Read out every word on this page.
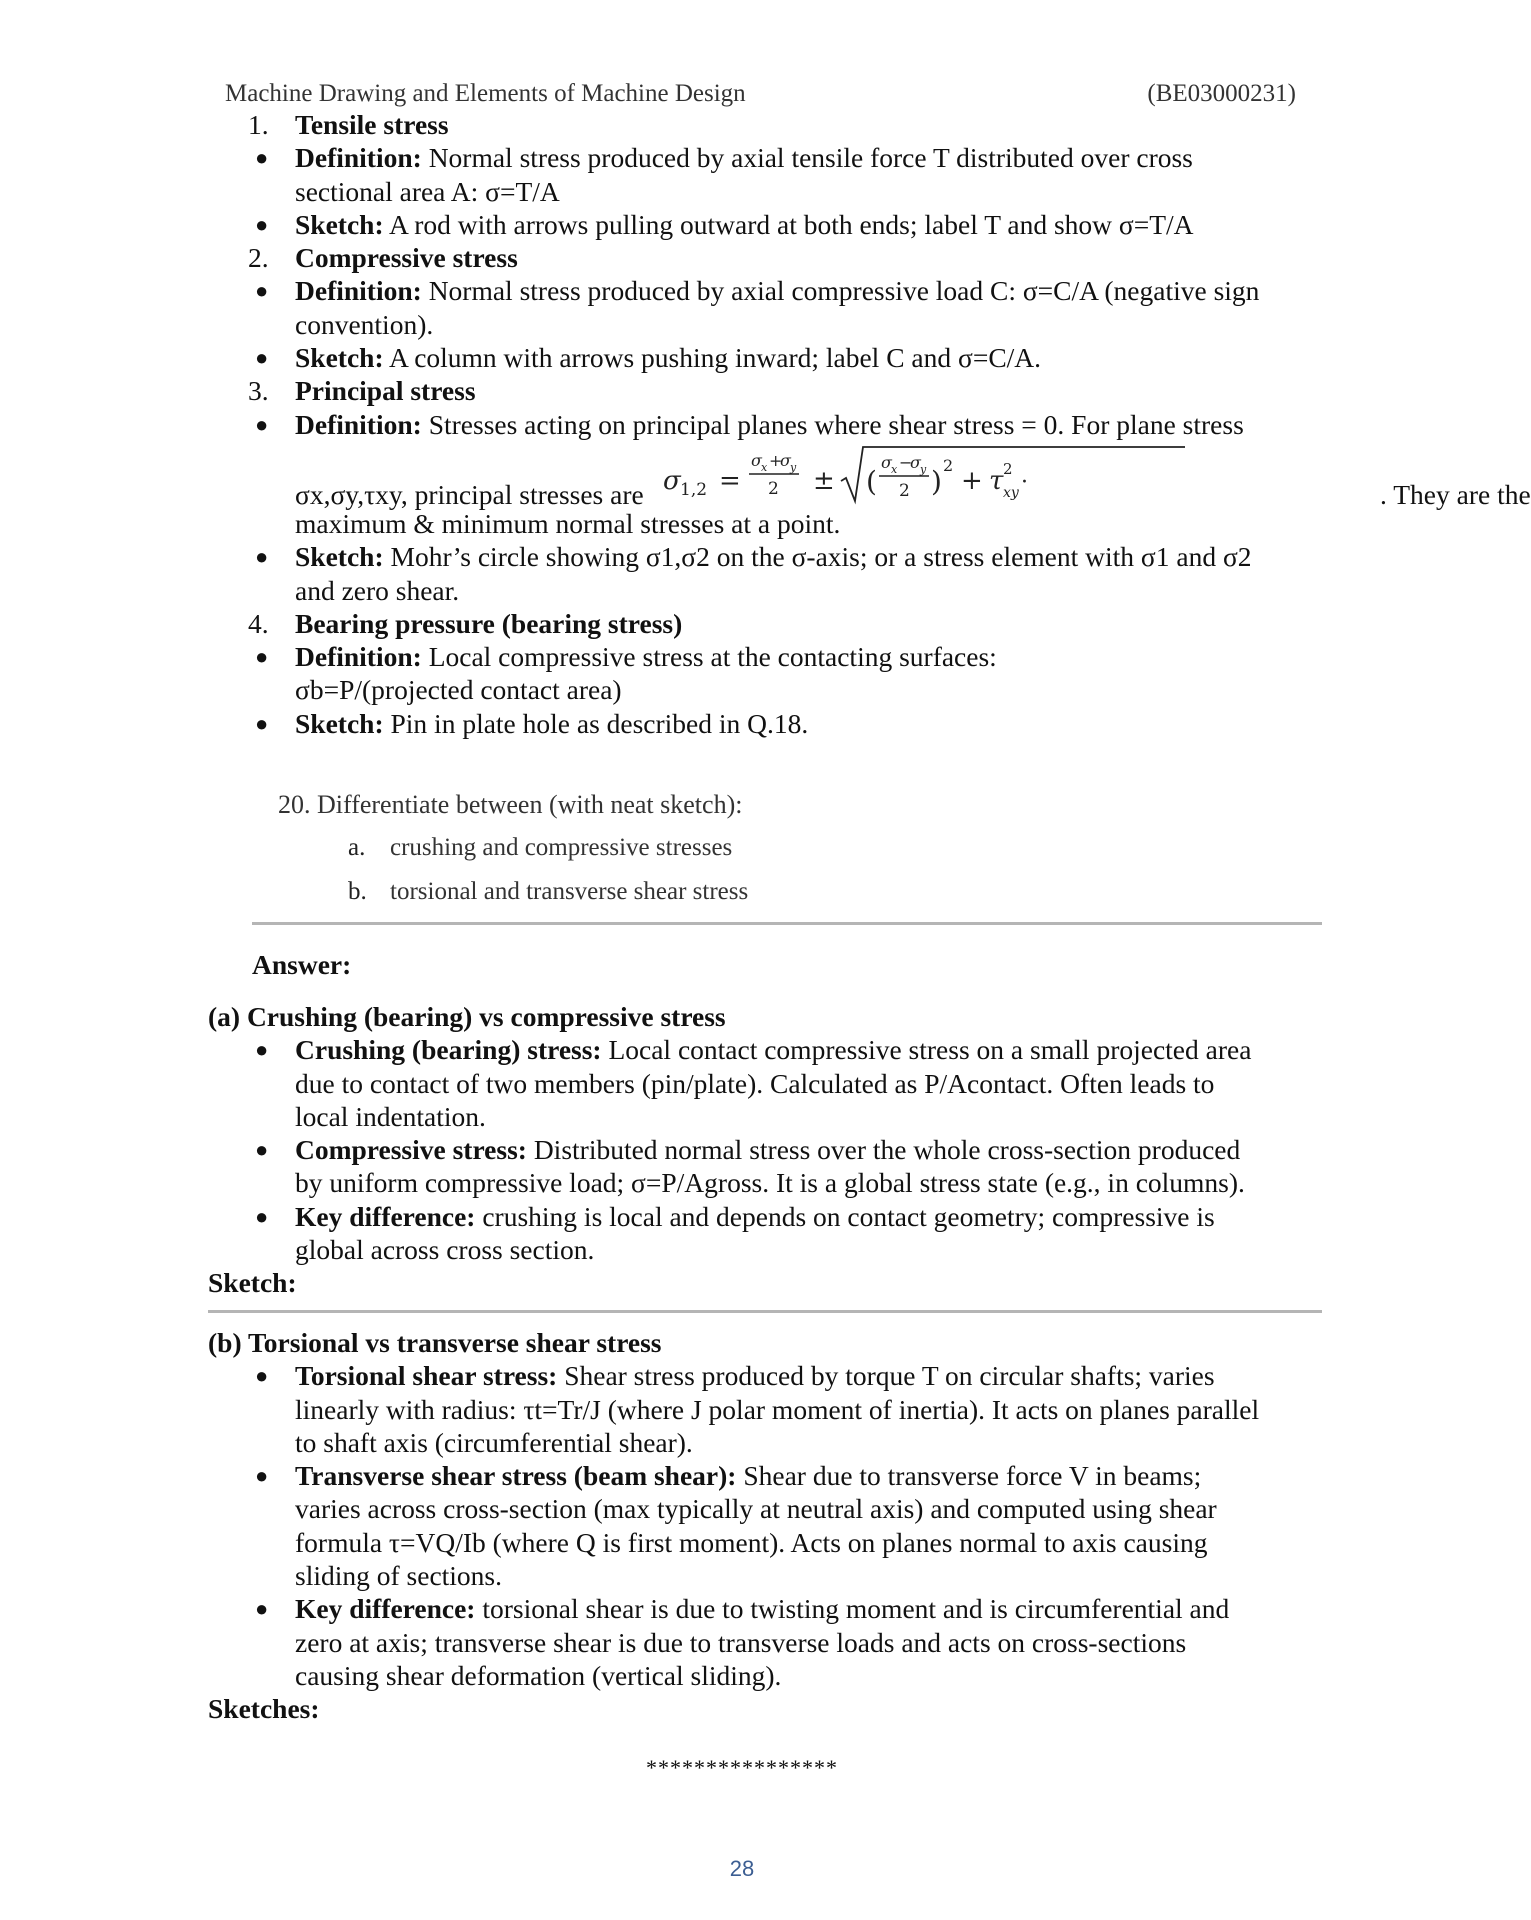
Machine Drawing and Elements of Machine Design	(BE03000231)
1. Tensile stress
● Definition: Normal stress produced by axial tensile force T distributed over cross
sectional area A: σ=T/A
● Sketch: A rod with arrows pulling outward at both ends; label T and show σ=T/A
2. Compressive stress
● Definition: Normal stress produced by axial compressive load C: σ=C/A (negative sign
convention).
● Sketch: A column with arrows pushing inward; label C and σ=C/A.
3. Principal stress
● Definition: Stresses acting on principal planes where shear stress = 0. For plane stress
σx,σy,τxy, principal stresses are σ 1,2 =
σ x +
σ y
2 ± (
σ x −
σ y
2 ) 2
+ τ 2
xy ·	. They are the
maximum & minimum normal stresses at a point.
● Sketch: Mohr’s circle showing σ1,σ2 on the σ-axis; or a stress element with σ1 and σ2
and zero shear.
4. Bearing pressure (bearing stress)
● Definition: Local compressive stress at the contacting surfaces:
σb=P/(projected contact area)
● Sketch: Pin in plate hole as described in Q.18.
20. Differentiate between (with neat sketch):
a. crushing and compressive stresses
b. torsional and transverse shear stress
Answer:
(a) Crushing (bearing) vs compressive stress
● Crushing (bearing) stress: Local contact compressive stress on a small projected area
due to contact of two members (pin/plate). Calculated as P/Acontact. Often leads to
local indentation.
● Compressive stress: Distributed normal stress over the whole cross-section produced
by uniform compressive load; σ=P/Agross. It is a global stress state (e.g., in columns).
● Key difference: crushing is local and depends on contact geometry; compressive is
global across cross section.
Sketch:
(b) Torsional vs transverse shear stress
● Torsional shear stress: Shear stress produced by torque T on circular shafts; varies
linearly with radius: τt=Tr/J (where J polar moment of inertia). It acts on planes parallel
to shaft axis (circumferential shear).
● Transverse shear stress (beam shear): Shear due to transverse force V in beams;
varies across cross-section (max typically at neutral axis) and computed using shear
formula τ=VQ/Ib (where Q is first moment). Acts on planes normal to axis causing
sliding of sections.
● Key difference: torsional shear is due to twisting moment and is circumferential and
zero at axis; transverse shear is due to transverse loads and acts on cross-sections
causing shear deformation (vertical sliding).
Sketches:
****************
28
